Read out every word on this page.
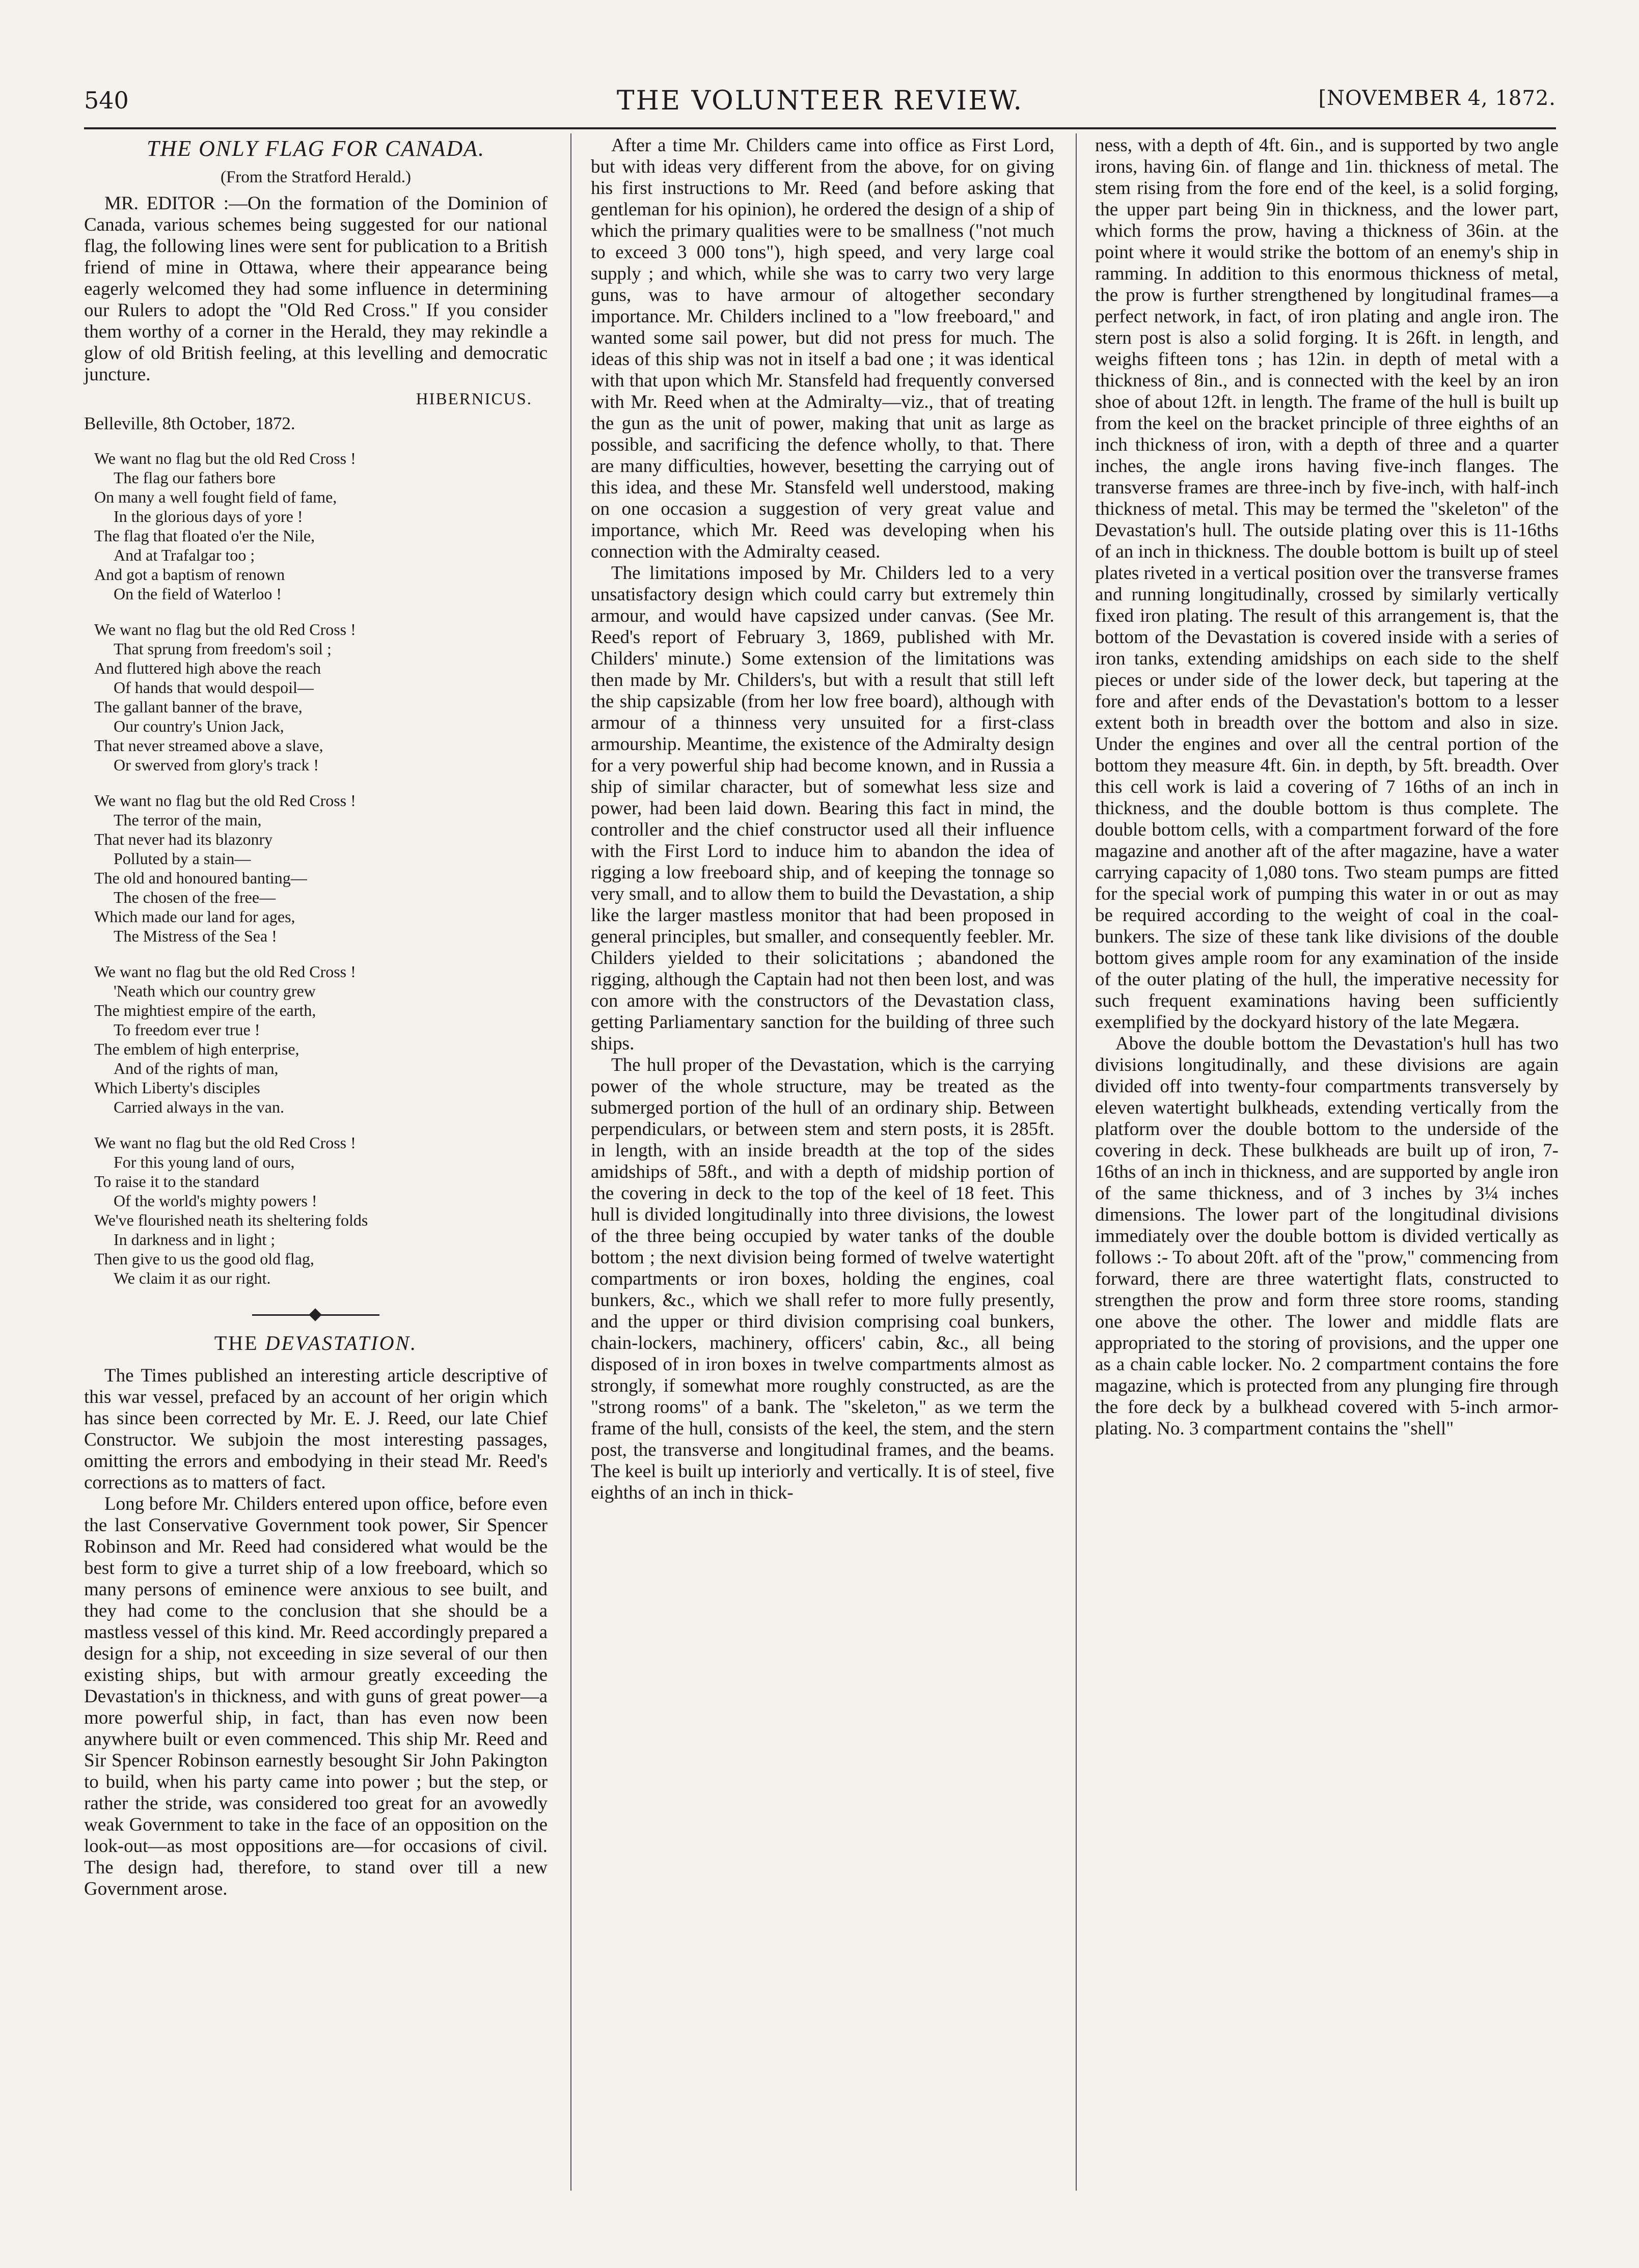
540	THE VOLUNTEER REVIEW.	[NOVEMBER 4, 1872.
THE ONLY FLAG FOR CANADA.
(From the Stratford Herald.)

MR. EDITOR :—On the formation of the Dominion of Canada, various schemes being suggested for our national flag, the following lines were sent for publication to a British friend of mine in Ottawa, where their appearance being eagerly welcomed they had some influence in determining our Rulers to adopt the "Old Red Cross." If you consider them worthy of a corner in the Herald, they may rekindle a glow of old British feeling, at this levelling and democratic juncture.

HIBERNICUS.
Belleville, 8th October, 1872.
We want no flag but the old Red Cross !
The flag our fathers bore
On many a well fought field of fame,
In the glorious days of yore !
The flag that floated o'er the Nile,
And at Trafalgar too ;
And got a baptism of renown
On the field of Waterloo !
We want no flag but the old Red Cross !
That sprung from freedom's soil ;
And fluttered high above the reach
Of hands that would despoil—
The gallant banner of the brave,
Our country's Union Jack,
That never streamed above a slave,
Or swerved from glory's track !
We want no flag but the old Red Cross !
The terror of the main,
That never had its blazonry
Polluted by a stain—
The old and honoured banting—
The chosen of the free—
Which made our land for ages,
The Mistress of the Sea !
We want no flag but the old Red Cross !
'Neath which our country grew
The mightiest empire of the earth,
To freedom ever true !
The emblem of high enterprise,
And of the rights of man,
Which Liberty's disciples
Carried always in the van.
We want no flag but the old Red Cross !
For this young land of ours,
To raise it to the standard
Of the world's mighty powers !
We've flourished neath its sheltering folds
In darkness and in light ;
Then give to us the good old flag,
We claim it as our right.
THE DEVASTATION.

The Times published an interesting article descriptive of this war vessel, prefaced by an account of her origin which has since been corrected by Mr. E. J. Reed, our late Chief Constructor. We subjoin the most interesting passages, omitting the errors and embodying in their stead Mr. Reed's corrections as to matters of fact.

Long before Mr. Childers entered upon office, before even the last Conservative Government took power, Sir Spencer Robinson and Mr. Reed had considered what would be the best form to give a turret ship of a low freeboard, which so many persons of eminence were anxious to see built, and they had come to the conclusion that she should be a mastless vessel of this kind. Mr. Reed accordingly prepared a design for a ship, not exceeding in size several of our then existing ships, but with armour greatly exceeding the Devastation's in thickness, and with guns of great power—a more powerful ship, in fact, than has even now been anywhere built or even commenced. This ship Mr. Reed and Sir Spencer Robinson earnestly besought Sir John Pakington to build, when his party came into power ; but the step, or rather the stride, was considered too great for an avowedly weak Government to take in the face of an opposition on the look-out—as most oppositions are—for occasions of civil. The design had, therefore, to stand over till a new Government arose.

After a time Mr. Childers came into office as First Lord, but with ideas very different from the above, for on giving his first instructions to Mr. Reed (and before asking that gentleman for his opinion), he ordered the design of a ship of which the primary qualities were to be smallness ("not much to exceed 3 000 tons"), high speed, and very large coal supply ; and which, while she was to carry two very large guns, was to have armour of altogether secondary importance. Mr. Childers inclined to a "low freeboard," and wanted some sail power, but did not press for much. The ideas of this ship was not in itself a bad one ; it was identical with that upon which Mr. Stansfeld had frequently conversed with Mr. Reed when at the Admiralty—viz., that of treating the gun as the unit of power, making that unit as large as possible, and sacrificing the defence wholly, to that. There are many difficulties, however, besetting the carrying out of this idea, and these Mr. Stansfeld well understood, making on one occasion a suggestion of very great value and importance, which Mr. Reed was developing when his connection with the Admiralty ceased.

The limitations imposed by Mr. Childers led to a very unsatisfactory design which could carry but extremely thin armour, and would have capsized under canvas. (See Mr. Reed's report of February 3, 1869, published with Mr. Childers' minute.) Some extension of the limitations was then made by Mr. Childers's, but with a result that still left the ship capsizable (from her low free board), although with armour of a thinness very unsuited for a first-class armourship. Meantime, the existence of the Admiralty design for a very powerful ship had become known, and in Russia a ship of similar character, but of somewhat less size and power, had been laid down. Bearing this fact in mind, the controller and the chief constructor used all their influence with the First Lord to induce him to abandon the idea of rigging a low freeboard ship, and of keeping the tonnage so very small, and to allow them to build the Devastation, a ship like the larger mastless monitor that had been proposed in general principles, but smaller, and consequently feebler. Mr. Childers yielded to their solicitations ; abandoned the rigging, although the Captain had not then been lost, and was con amore with the constructors of the Devastation class, getting Parliamentary sanction for the building of three such ships.

The hull proper of the Devastation, which is the carrying power of the whole structure, may be treated as the submerged portion of the hull of an ordinary ship. Between perpendiculars, or between stem and stern posts, it is 285ft. in length, with an inside breadth at the top of the sides amidships of 58ft., and with a depth of midship portion of the covering in deck to the top of the keel of 18 feet. This hull is divided longitudinally into three divisions, the lowest of the three being occupied by water tanks of the double bottom ; the next division being formed of twelve watertight compartments or iron boxes, holding the engines, coal bunkers, &c., which we shall refer to more fully presently, and the upper or third division comprising coal bunkers, chain-lockers, machinery, officers' cabin, &c., all being disposed of in iron boxes in twelve compartments almost as strongly, if somewhat more roughly constructed, as are the "strong rooms" of a bank. The "skeleton," as we term the frame of the hull, consists of the keel, the stem, and the stern post, the transverse and longitudinal frames, and the beams. The keel is built up interiorly and vertically. It is of steel, five eighths of an inch in thick-

ness, with a depth of 4ft. 6in., and is supported by two angle irons, having 6in. of flange and 1in. thickness of metal. The stem rising from the fore end of the keel, is a solid forging, the upper part being 9in in thickness, and the lower part, which forms the prow, having a thickness of 36in. at the point where it would strike the bottom of an enemy's ship in ramming. In addition to this enormous thickness of metal, the prow is further strengthened by longitudinal frames—a perfect network, in fact, of iron plating and angle iron. The stern post is also a solid forging. It is 26ft. in length, and weighs fifteen tons ; has 12in. in depth of metal with a thickness of 8in., and is connected with the keel by an iron shoe of about 12ft. in length. The frame of the hull is built up from the keel on the bracket principle of three eighths of an inch thickness of iron, with a depth of three and a quarter inches, the angle irons having five-inch flanges. The transverse frames are three-inch by five-inch, with half-inch thickness of metal. This may be termed the "skeleton" of the Devastation's hull. The outside plating over this is 11-16ths of an inch in thickness. The double bottom is built up of steel plates riveted in a vertical position over the transverse frames and running longitudinally, crossed by similarly vertically fixed iron plating. The result of this arrangement is, that the bottom of the Devastation is covered inside with a series of iron tanks, extending amidships on each side to the shelf pieces or under side of the lower deck, but tapering at the fore and after ends of the Devastation's bottom to a lesser extent both in breadth over the bottom and also in size. Under the engines and over all the central portion of the bottom they measure 4ft. 6in. in depth, by 5ft. breadth. Over this cell work is laid a covering of 7 16ths of an inch in thickness, and the double bottom is thus complete. The double bottom cells, with a compartment forward of the fore magazine and another aft of the after magazine, have a water carrying capacity of 1,080 tons. Two steam pumps are fitted for the special work of pumping this water in or out as may be required according to the weight of coal in the coal-bunkers. The size of these tank like divisions of the double bottom gives ample room for any examination of the inside of the outer plating of the hull, the imperative necessity for such frequent examinations having been sufficiently exemplified by the dockyard history of the late Megæra.

Above the double bottom the Devastation's hull has two divisions longitudinally, and these divisions are again divided off into twenty-four compartments transversely by eleven watertight bulkheads, extending vertically from the platform over the double bottom to the underside of the covering in deck. These bulkheads are built up of iron, 7-16ths of an inch in thickness, and are supported by angle iron of the same thickness, and of 3 inches by 3¼ inches dimensions. The lower part of the longitudinal divisions immediately over the double bottom is divided vertically as follows :- To about 20ft. aft of the "prow," commencing from forward, there are three watertight flats, constructed to strengthen the prow and form three store rooms, standing one above the other. The lower and middle flats are appropriated to the storing of provisions, and the upper one as a chain cable locker. No. 2 compartment contains the fore magazine, which is protected from any plunging fire through the fore deck by a bulkhead covered with 5-inch armor-plating. No. 3 compartment contains the "shell"
